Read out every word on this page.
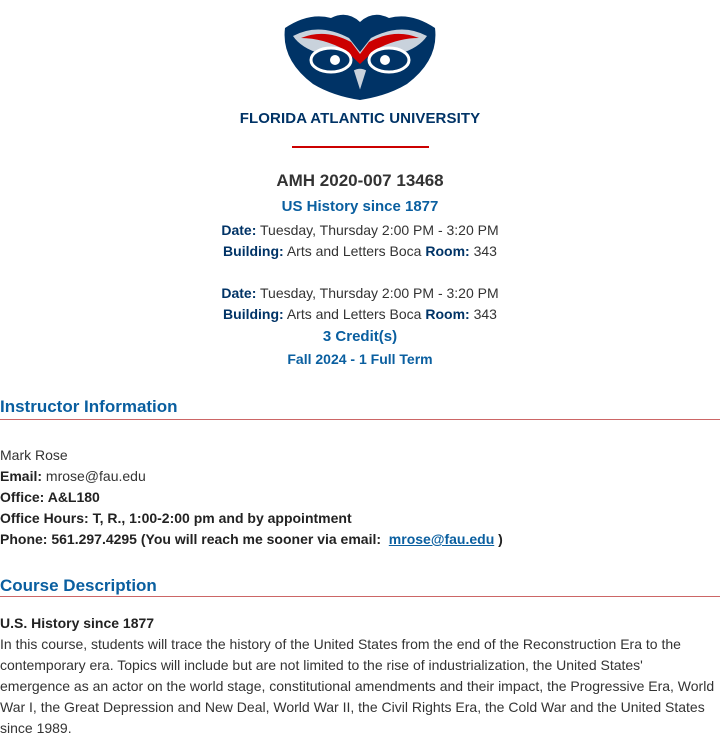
FLORIDA ATLANTIC UNIVERSITY
AMH 2020-007 13468
US History since 1877
Date: Tuesday, Thursday 2:00 PM - 3:20 PM
Building: Arts and Letters Boca Room: 343
Date: Tuesday, Thursday 2:00 PM - 3:20 PM
Building: Arts and Letters Boca Room: 343
3 Credit(s)
Fall 2024 - 1 Full Term
Instructor Information
Mark Rose
Email: mrose@fau.edu
Office: A&L180
Office Hours: T, R., 1:00-2:00 pm and by appointment
Phone: 561.297.4295 (You will reach me sooner via email: mrose@fau.edu )
Course Description
U.S. History since 1877
In this course, students will trace the history of the United States from the end of the Reconstruction Era to the contemporary era. Topics will include but are not limited to the rise of industrialization, the United States' emergence as an actor on the world stage, constitutional amendments and their impact, the Progressive Era, World War I, the Great Depression and New Deal, World War II, the Civil Rights Era, the Cold War and the United States since 1989.
